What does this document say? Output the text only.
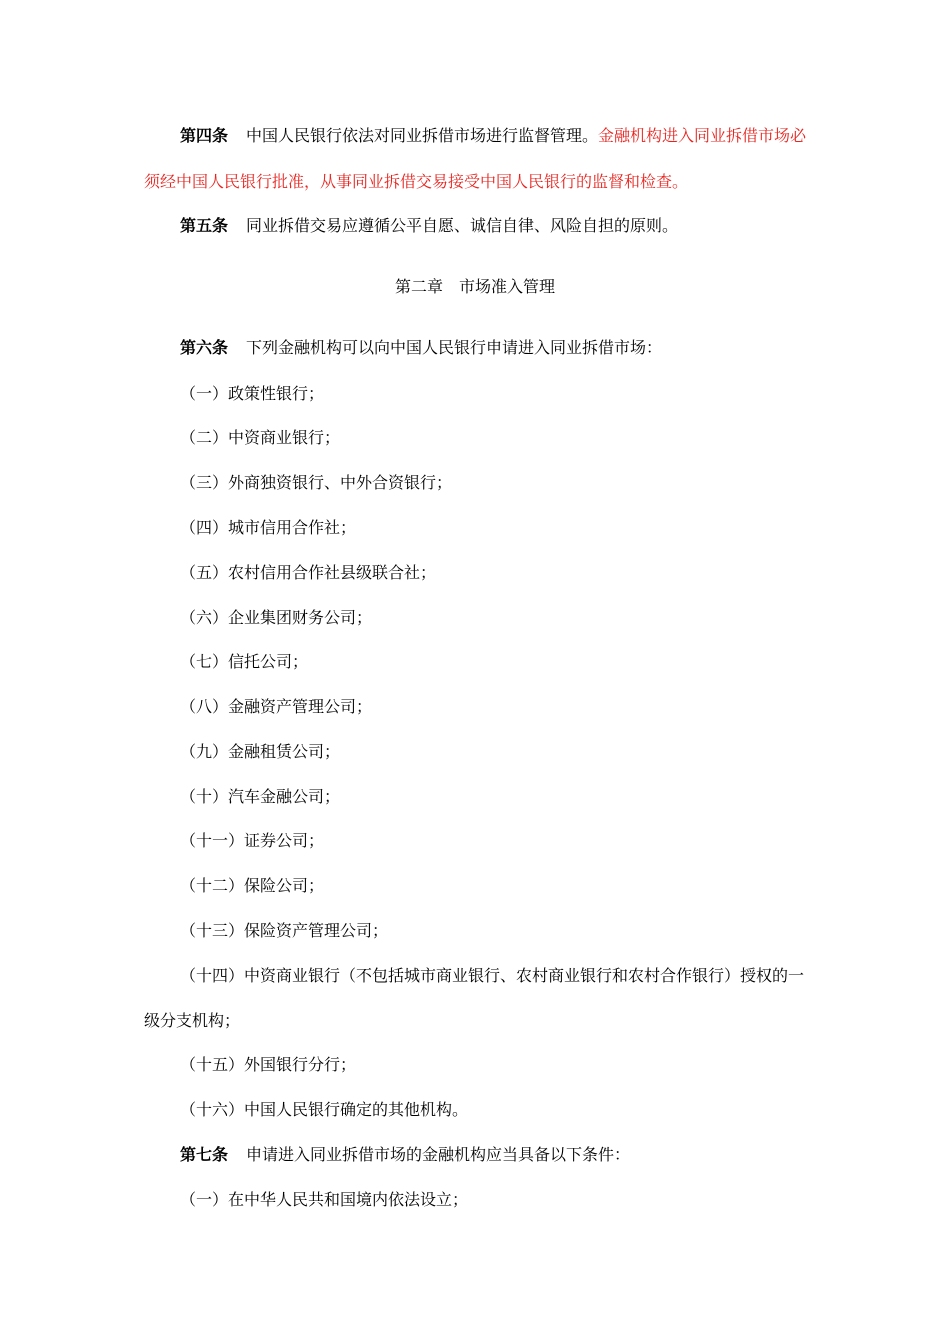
第四条 中国人民银行依法对同业拆借市场进行监督管理。金融机构进入同业拆借市场必须经中国人民银行批准，从事同业拆借交易接受中国人民银行的监督和检查。
第五条 同业拆借交易应遵循公平自愿、诚信自律、风险自担的原则。
第二章　市场准入管理
第六条 下列金融机构可以向中国人民银行申请进入同业拆借市场：
（一）政策性银行；
（二）中资商业银行；
（三）外商独资银行、中外合资银行；
（四）城市信用合作社；
（五）农村信用合作社县级联合社；
（六）企业集团财务公司；
（七）信托公司；
（八）金融资产管理公司；
（九）金融租赁公司；
（十）汽车金融公司；
（十一）证券公司；
（十二）保险公司；
（十三）保险资产管理公司；
（十四）中资商业银行（不包括城市商业银行、农村商业银行和农村合作银行）授权的一级分支机构；
（十五）外国银行分行；
（十六）中国人民银行确定的其他机构。
第七条 申请进入同业拆借市场的金融机构应当具备以下条件：
（一）在中华人民共和国境内依法设立；
